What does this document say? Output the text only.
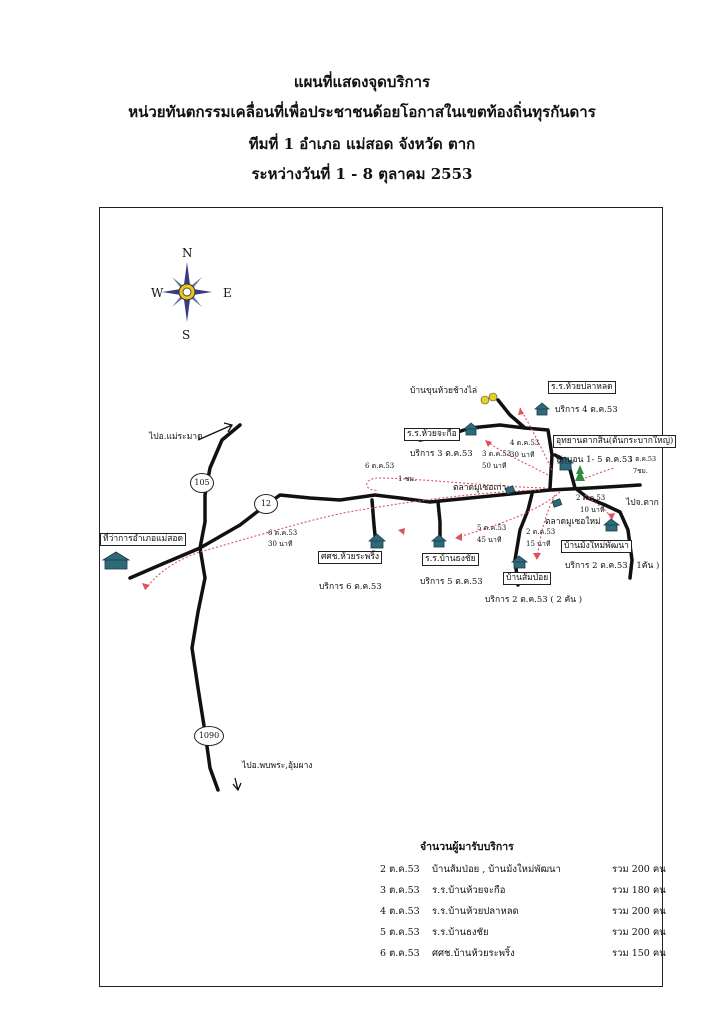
แผนที่แสดงจุดบริการ
หน่วยทันตกรรมเคลื่อนที่เพื่อประชาชนด้อยโอกาสในเขตท้องถิ่นทุรกันดาร
ทีมที่ 1 อำเภอ แม่สอด จังหวัด ตาก
ระหว่างวันที่ 1 - 8 ตุลาคม 2553
N
S
E
W
105
12
1090
ไปอ.แม่ระมาด
ไปจ.ตาก
ไปอ.พบพระ,อุ้มผาง
ที่ว่าการอำเภอแม่สอด
บ้านขุนห้วยช้างไล่	ร.ร.ห้วยปลาหลด
บริการ 4 ต.ค.53
ร.ร.ห้วยจะกือ
บริการ 3 ต.ค.53
อุทยานตากสิน(ต้นกระบากใหญ่)
พักนอน 1- 5 ต.ค.53
ตลาดมูเซอเก่า
ตลาดมูเซอใหม่
ศศช.ห้วยระพริ้ง
บริการ 6 ต.ค.53
ร.ร.บ้านธงชัย
บริการ 5 ต.ค.53	บ้านส้มป่อย
บริการ 2 ต.ค.53 ( 2 คัน )
บ้านม้งใหม่พัฒนา
บริการ 2 ต.ค.53 ( 1คัน )
6 ต.ค.53
1 ชม.
6 ต.ค.53
30 นาที
3 ต.ค.53
50 นาที
4 ต.ค.53
30 นาที	1 ต.ค.53
7ชม.
2 ต.ค.53
10 นาที
2 ต.ค.53
15 นาที
5 ต.ค.53
45 นาที
จำนวนผู้มารับบริการ
2 ต.ค.53 บ้านส้มป่อย , บ้านม้งใหม่พัฒนา	รวม 200 คน
3 ต.ค.53 ร.ร.บ้านห้วยจะกือ	รวม 180 คน
4 ต.ค.53 ร.ร.บ้านห้วยปลาหลด	รวม 200 คน
5 ต.ค.53 ร.ร.บ้านธงชัย	รวม 200 คน
6 ต.ค.53 ศศช.บ้านห้วยระพริ้ง	รวม 150 คน
